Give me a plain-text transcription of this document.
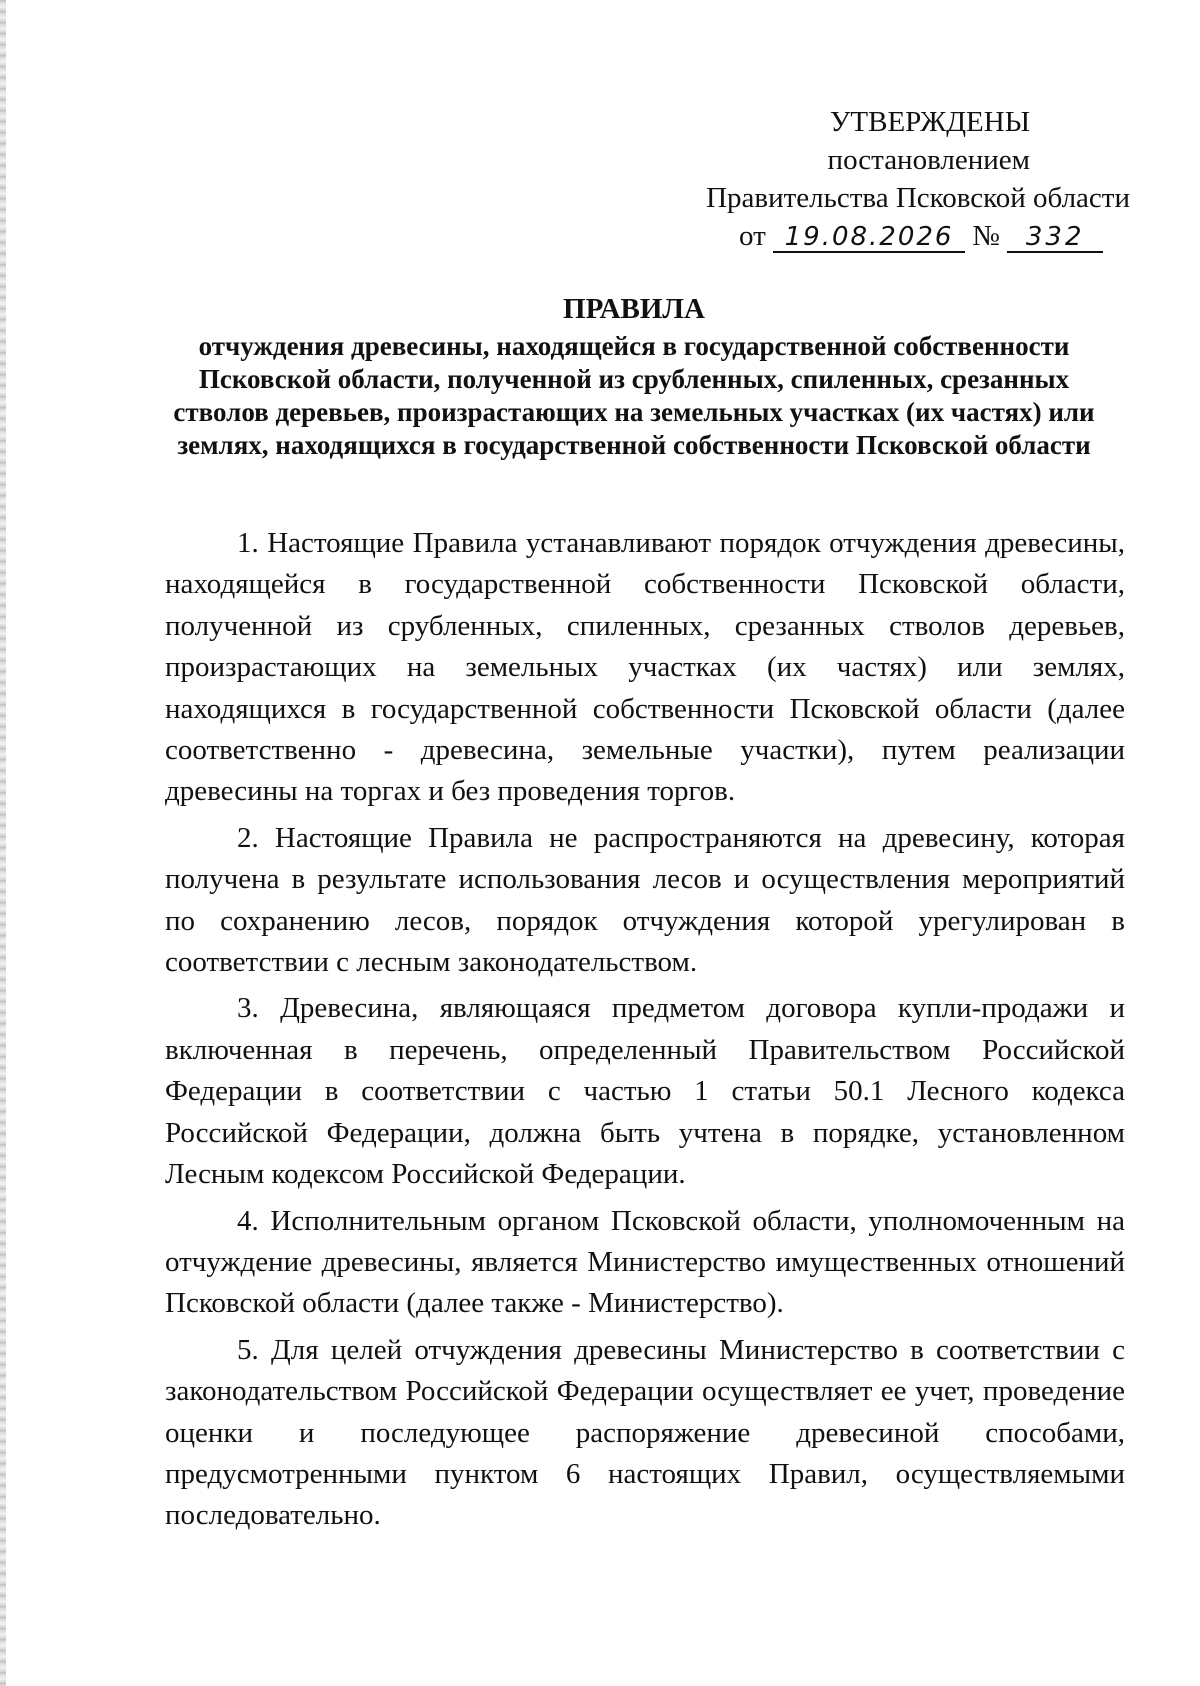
УТВЕРЖДЕНЫ
постановлением
Правительства Псковской области
от 19.08.2026 № 332
ПРАВИЛА
отчуждения древесины, находящейся в государственной собственности Псковской области, полученной из срубленных, спиленных, срезанных стволов деревьев, произрастающих на земельных участках (их частях) или землях, находящихся в государственной собственности Псковской области

1. Настоящие Правила устанавливают порядок отчуждения древесины, находящейся в государственной собственности Псковской области, полученной из срубленных, спиленных, срезанных стволов деревьев, произрастающих на земельных участках (их частях) или землях, находящихся в государственной собственности Псковской области (далее соответственно - древесина, земельные участки), путем реализации древесины на торгах и без проведения торгов.

2. Настоящие Правила не распространяются на древесину, которая получена в результате использования лесов и осуществления мероприятий по сохранению лесов, порядок отчуждения которой урегулирован в соответствии с лесным законодательством.

3. Древесина, являющаяся предметом договора купли-продажи и включенная в перечень, определенный Правительством Российской Федерации в соответствии с частью 1 статьи 50.1 Лесного кодекса Российской Федерации, должна быть учтена в порядке, установленном Лесным кодексом Российской Федерации.

4. Исполнительным органом Псковской области, уполномоченным на отчуждение древесины, является Министерство имущественных отношений Псковской области (далее также - Министерство).

5. Для целей отчуждения древесины Министерство в соответствии с законодательством Российской Федерации осуществляет ее учет, проведение оценки и последующее распоряжение древесиной способами, предусмотренными пунктом 6 настоящих Правил, осуществляемыми последовательно.
